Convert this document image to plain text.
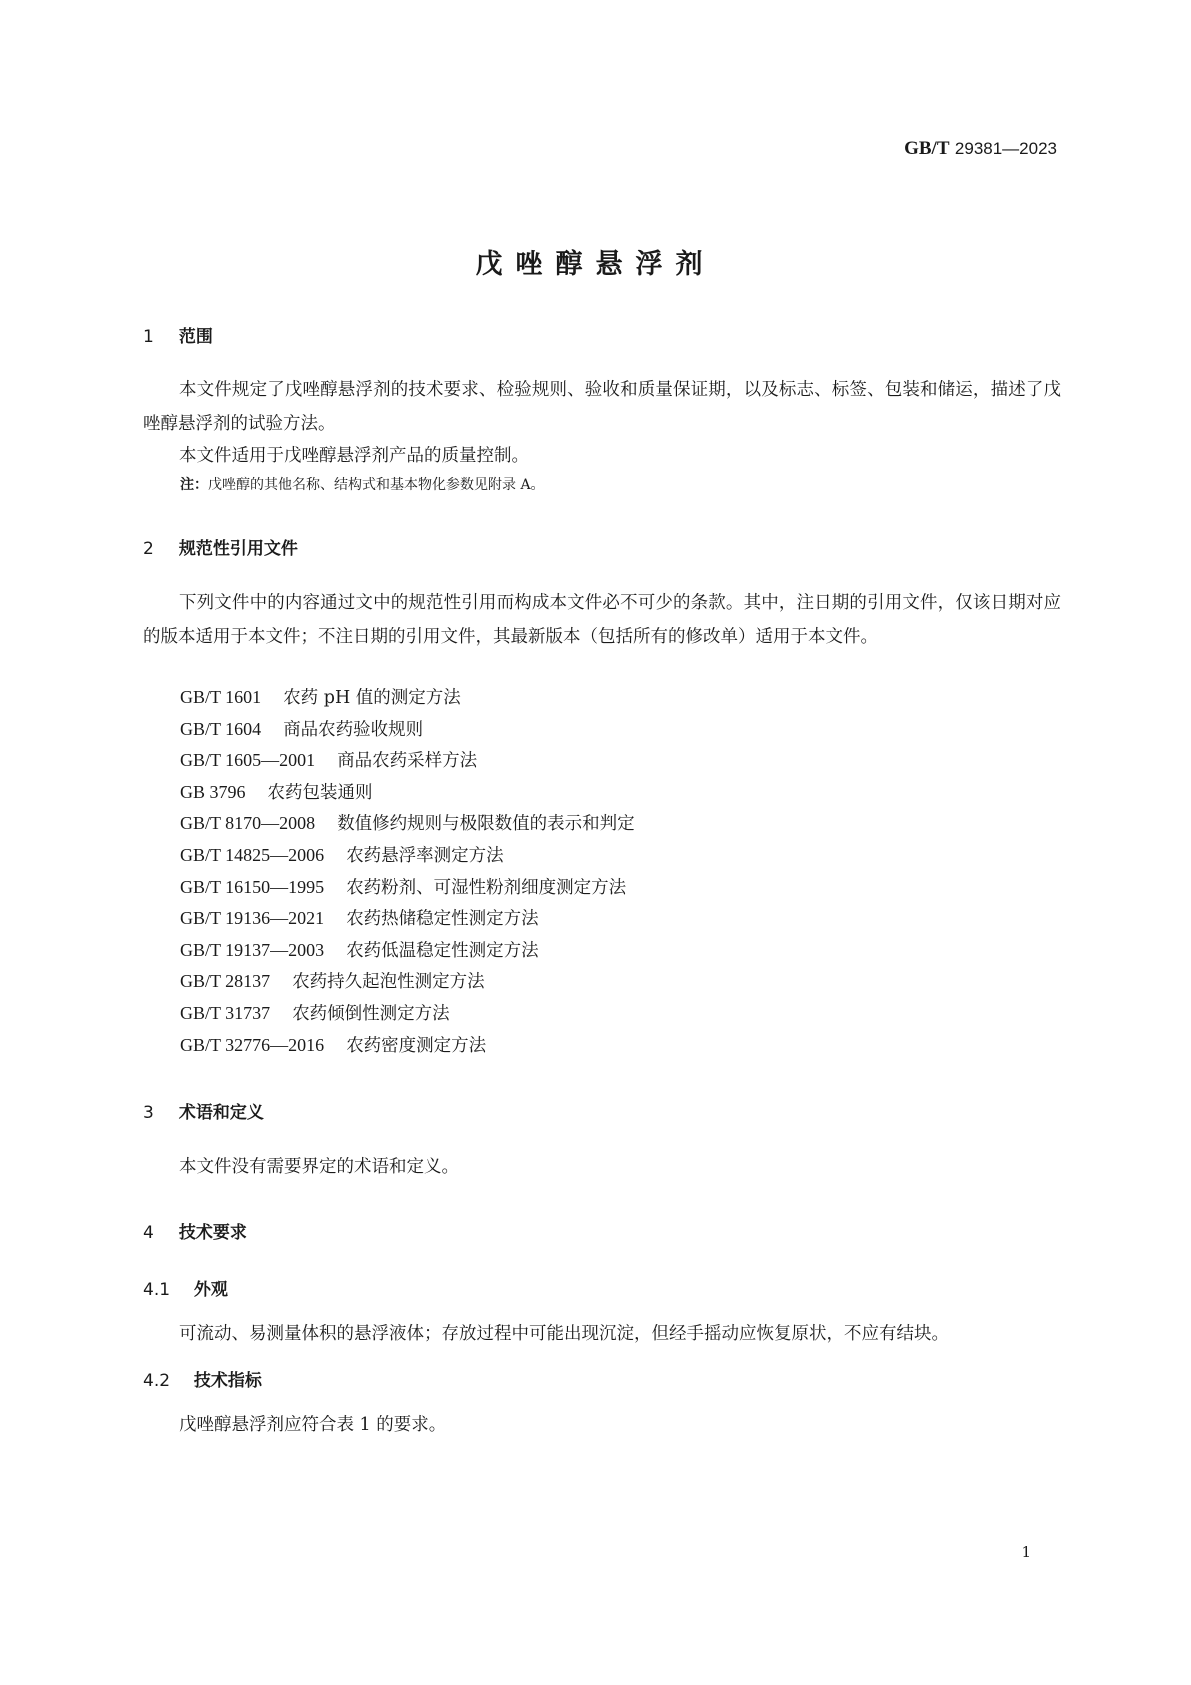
GB/T 29381—2023
戊唑醇悬浮剂
1 范围
本文件规定了戊唑醇悬浮剂的技术要求、检验规则、验收和质量保证期，以及标志、标签、包装和储运，描述了戊唑醇悬浮剂的试验方法。
本文件适用于戊唑醇悬浮剂产品的质量控制。
注：戊唑醇的其他名称、结构式和基本物化参数见附录 A。
2 规范性引用文件
下列文件中的内容通过文中的规范性引用而构成本文件必不可少的条款。其中，注日期的引用文件，仅该日期对应的版本适用于本文件；不注日期的引用文件，其最新版本（包括所有的修改单）适用于本文件。
GB/T 1601 农药 pH 值的测定方法
GB/T 1604 商品农药验收规则
GB/T 1605—2001 商品农药采样方法
GB 3796 农药包装通则
GB/T 8170—2008 数值修约规则与极限数值的表示和判定
GB/T 14825—2006 农药悬浮率测定方法
GB/T 16150—1995 农药粉剂、可湿性粉剂细度测定方法
GB/T 19136—2021 农药热储稳定性测定方法
GB/T 19137—2003 农药低温稳定性测定方法
GB/T 28137 农药持久起泡性测定方法
GB/T 31737 农药倾倒性测定方法
GB/T 32776—2016 农药密度测定方法
3 术语和定义
本文件没有需要界定的术语和定义。
4 技术要求
4.1 外观
可流动、易测量体积的悬浮液体；存放过程中可能出现沉淀，但经手摇动应恢复原状，不应有结块。
4.2 技术指标
戊唑醇悬浮剂应符合表 1 的要求。
1
